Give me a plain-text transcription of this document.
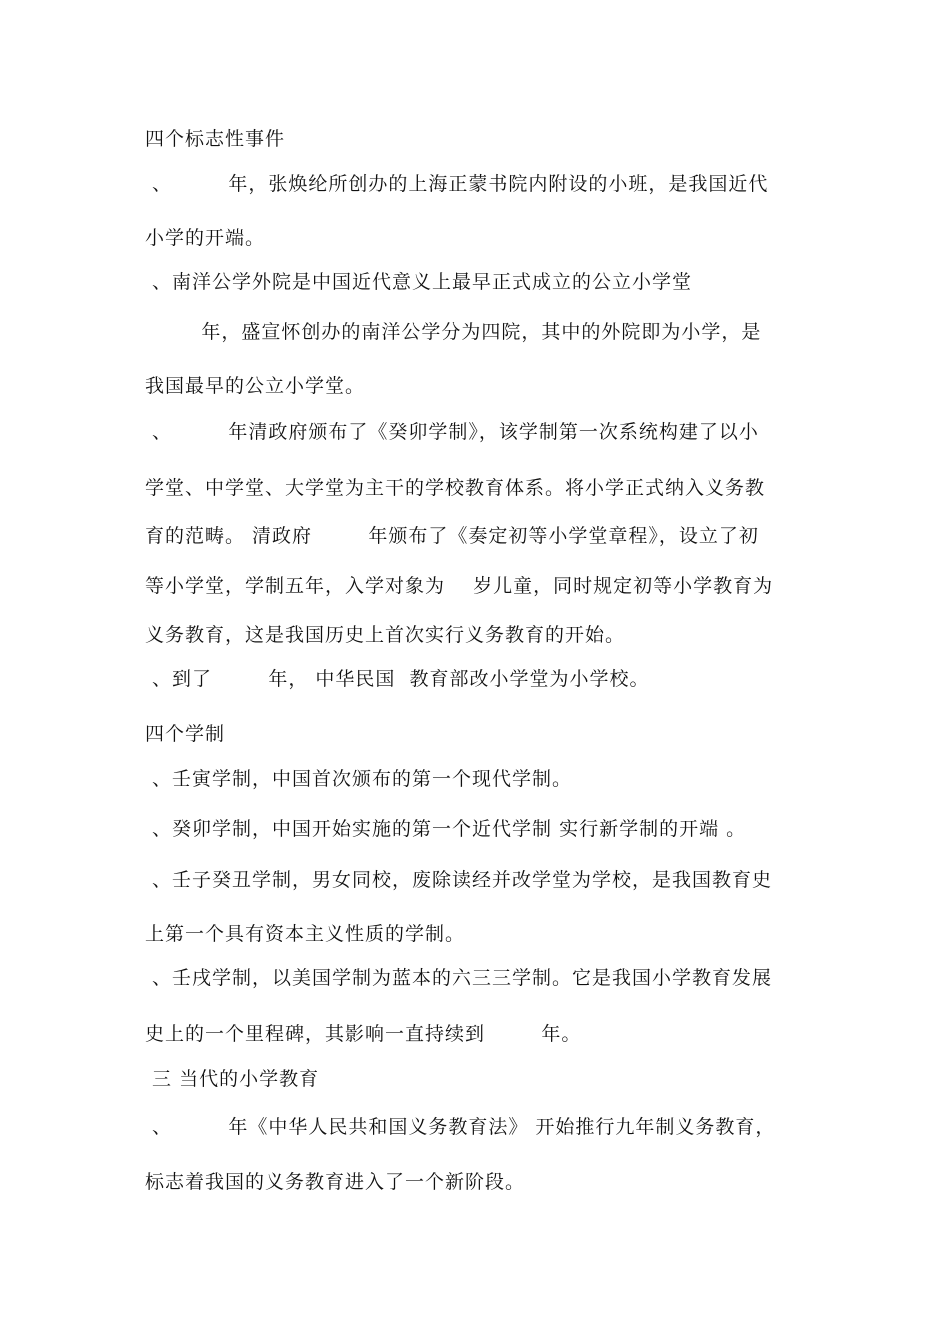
四个标志性事件
、        年，张焕纶所创办的上海正蒙书院内附设的小班，是我国近代
小学的开端。
、南洋公学外院是中国近代意义上最早正式成立的公立小学堂
年，盛宣怀创办的南洋公学分为四院，其中的外院即为小学，是
我国最早的公立小学堂。
、        年清政府颁布了《癸卯学制》，该学制第一次系统构建了以小
学堂、中学堂、大学堂为主干的学校教育体系。将小学正式纳入义务教
育的范畴。 清政府        年颁布了《奏定初等小学堂章程》，设立了初
等小学堂，学制五年，入学对象为    岁儿童，同时规定初等小学教育为
义务教育，这是我国历史上首次实行义务教育的开始。
、到了        年， 中华民国  教育部改小学堂为小学校。
四个学制
、壬寅学制，中国首次颁布的第一个现代学制。
、癸卯学制，中国开始实施的第一个近代学制 实行新学制的开端 。
、壬子癸丑学制，男女同校，废除读经并改学堂为学校，是我国教育史
上第一个具有资本主义性质的学制。
、壬戌学制，以美国学制为蓝本的六三三学制。它是我国小学教育发展
史上的一个里程碑，其影响一直持续到        年。
三 当代的小学教育
、        年《中华人民共和国义务教育法》 开始推行九年制义务教育，
标志着我国的义务教育进入了一个新阶段。
